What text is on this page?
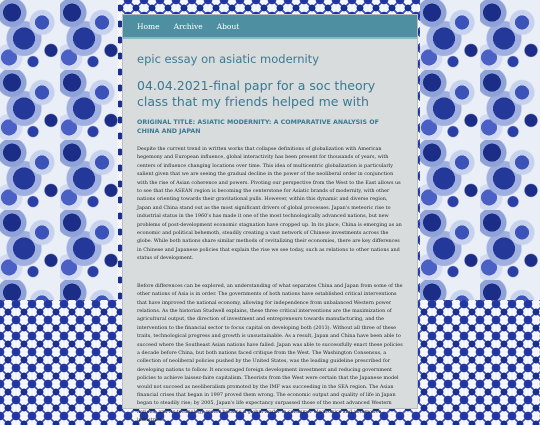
Home Archive About
epic essay on asiatic modernity
04.04.2021-final papr for a soc theory class that my friends helped me with
ORIGINAL TITLE: ASIATIC MODERNITY: A COMPARATIVE ANALYSIS OF CHINA AND JAPAN

Despite the current trend in written works that collapse definitions of globalization with American hegemony and European influence, global interactivity has been present for thousands of years, with centers of influence changing locations over time. This idea of multicentric globalization is particularly salient given that we are seeing the gradual decline in the power of the neoliberal order in conjunction with the rise of Asian coherence and powers. Pivoting our perspective from the West to the East allows us to see that the ASEAN region is becoming the centerstone for Asiatic brands of modernity, with other nations orienting towards their gravitational pulls. However, within this dynamic and diverse region, Japan and China stand out as the most significant drivers of global processes. Japan's meteoric rise to industrial status in the 1960's has made it one of the most technologically advanced nations, but new problems of post-development economic stagnation have cropped up. In its place, China is emerging as an economic and political behemoth, steadily creating a vast network of Chinese investments across the globe. While both nations share similar methods of revitalizing their economies, there are key differences in Chinese and Japanese policies that explain the rise we see today, such as relations to other nations and status of development.

Before differences can be explored, an understanding of what separates China and Japan from some of the other nations of Asia is in order. The governments of both nations have established critical interventions that have improved the national economy, allowing for independence from unbalanced Western power relations. As the historian Studwell explains, these three critical interventions are the maximization of agricultural output, the direction of investment and entrepreneurs towards manufacturing, and the intervention to the financial sector to focus capital on developing both (2013). Without all three of these traits, technological progress and growth is unsustainable. As a result, Japan and China have been able to succeed where the Southeast Asian nations have failed. Japan was able to successfully enact these policies a decade before China, but both nations faced critique from the West. The Washington Consensus, a collection of neoliberal policies pushed by the United States, was the leading guideline prescribed for developing nations to follow. It encouraged foreign development investment and reducing government policies to achieve laissez-faire capitalism. Theorists from the West were certain that the Japanese model would not succeed as neoliberalism promoted by the IMF was succeeding in the SEA region. The Asian financial crises that began in 1997 proved them wrong. The economic output and quality of life in Japan began to steadily rise; by 2005, Japan's life expectancy surpassed those of the most advanced Western nations, and its technology sector became a global leader in consumer electronics and automotive industries.
